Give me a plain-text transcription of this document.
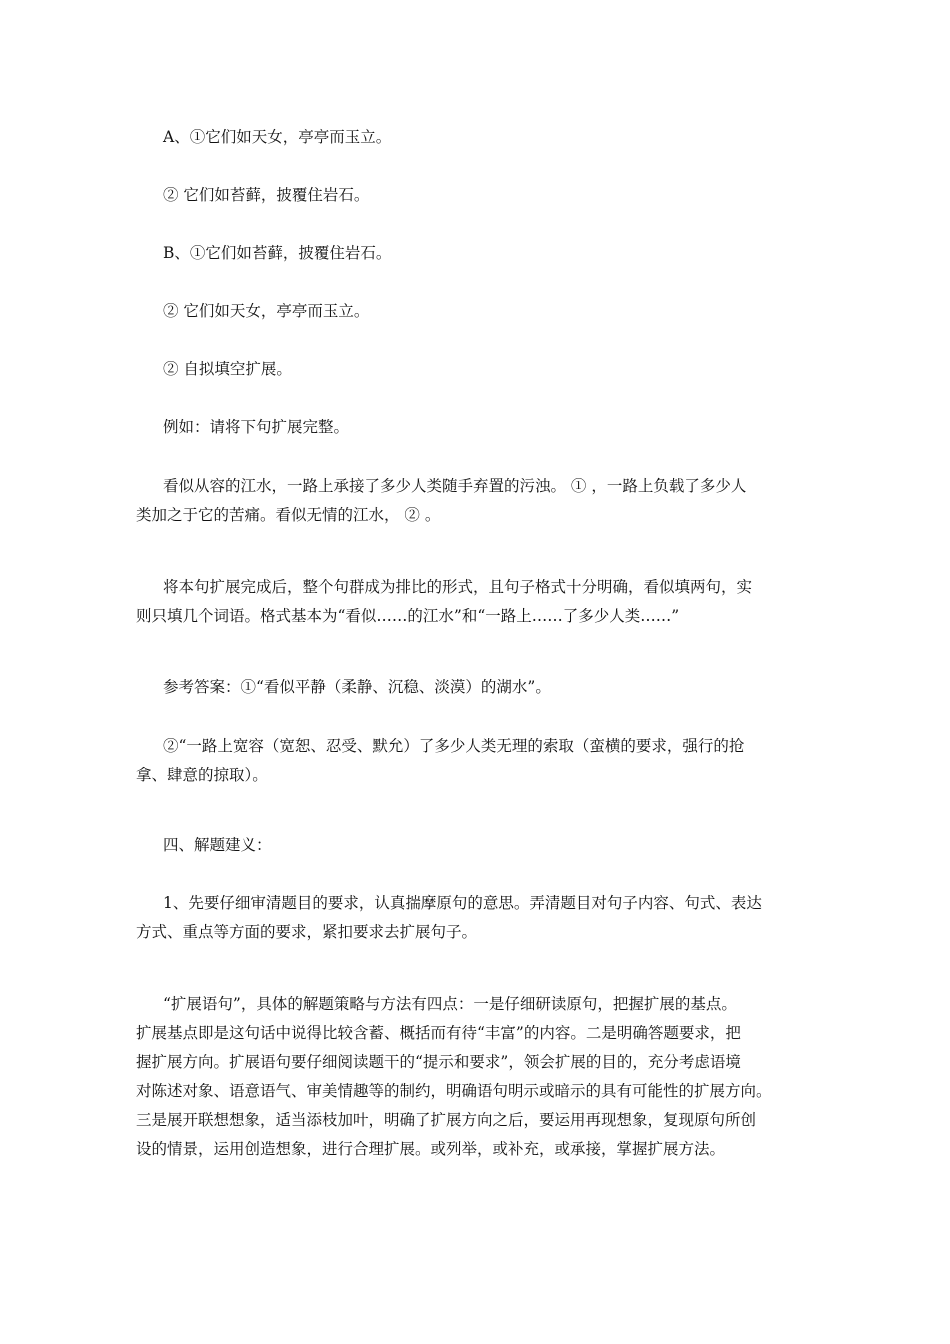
A、①它们如天女，亭亭而玉立。

② 它们如苔藓，披覆住岩石。

B、①它们如苔藓，披覆住岩石。

② 它们如天女，亭亭而玉立。

② 自拟填空扩展。

例如：请将下句扩展完整。

看似从容的江水，一路上承接了多少人类随手弃置的污浊。 ① ，一路上负载了多少人
类加之于它的苦痛。看似无情的江水， ② 。

将本句扩展完成后，整个句群成为排比的形式，且句子格式十分明确，看似填两句，实
则只填几个词语。格式基本为“看似……的江水”和“一路上……了多少人类……”

参考答案：①“看似平静（柔静、沉稳、淡漠）的湖水”。

②“一路上宽容（宽恕、忍受、默允）了多少人类无理的索取（蛮横的要求，强行的抢
拿、肆意的掠取）。

四、解题建义：

1、先要仔细审清题目的要求，认真揣摩原句的意思。弄清题目对句子内容、句式、表达
方式、重点等方面的要求，紧扣要求去扩展句子。

“扩展语句”，具体的解题策略与方法有四点：一是仔细研读原句，把握扩展的基点。
扩展基点即是这句话中说得比较含蓄、概括而有待“丰富”的内容。二是明确答题要求，把
握扩展方向。扩展语句要仔细阅读题干的“提示和要求”，领会扩展的目的，充分考虑语境
对陈述对象、语意语气、审美情趣等的制约，明确语句明示或暗示的具有可能性的扩展方向。
三是展开联想想象，适当添枝加叶，明确了扩展方向之后，要运用再现想象，复现原句所创
设的情景，运用创造想象，进行合理扩展。或列举，或补充，或承接，掌握扩展方法。
